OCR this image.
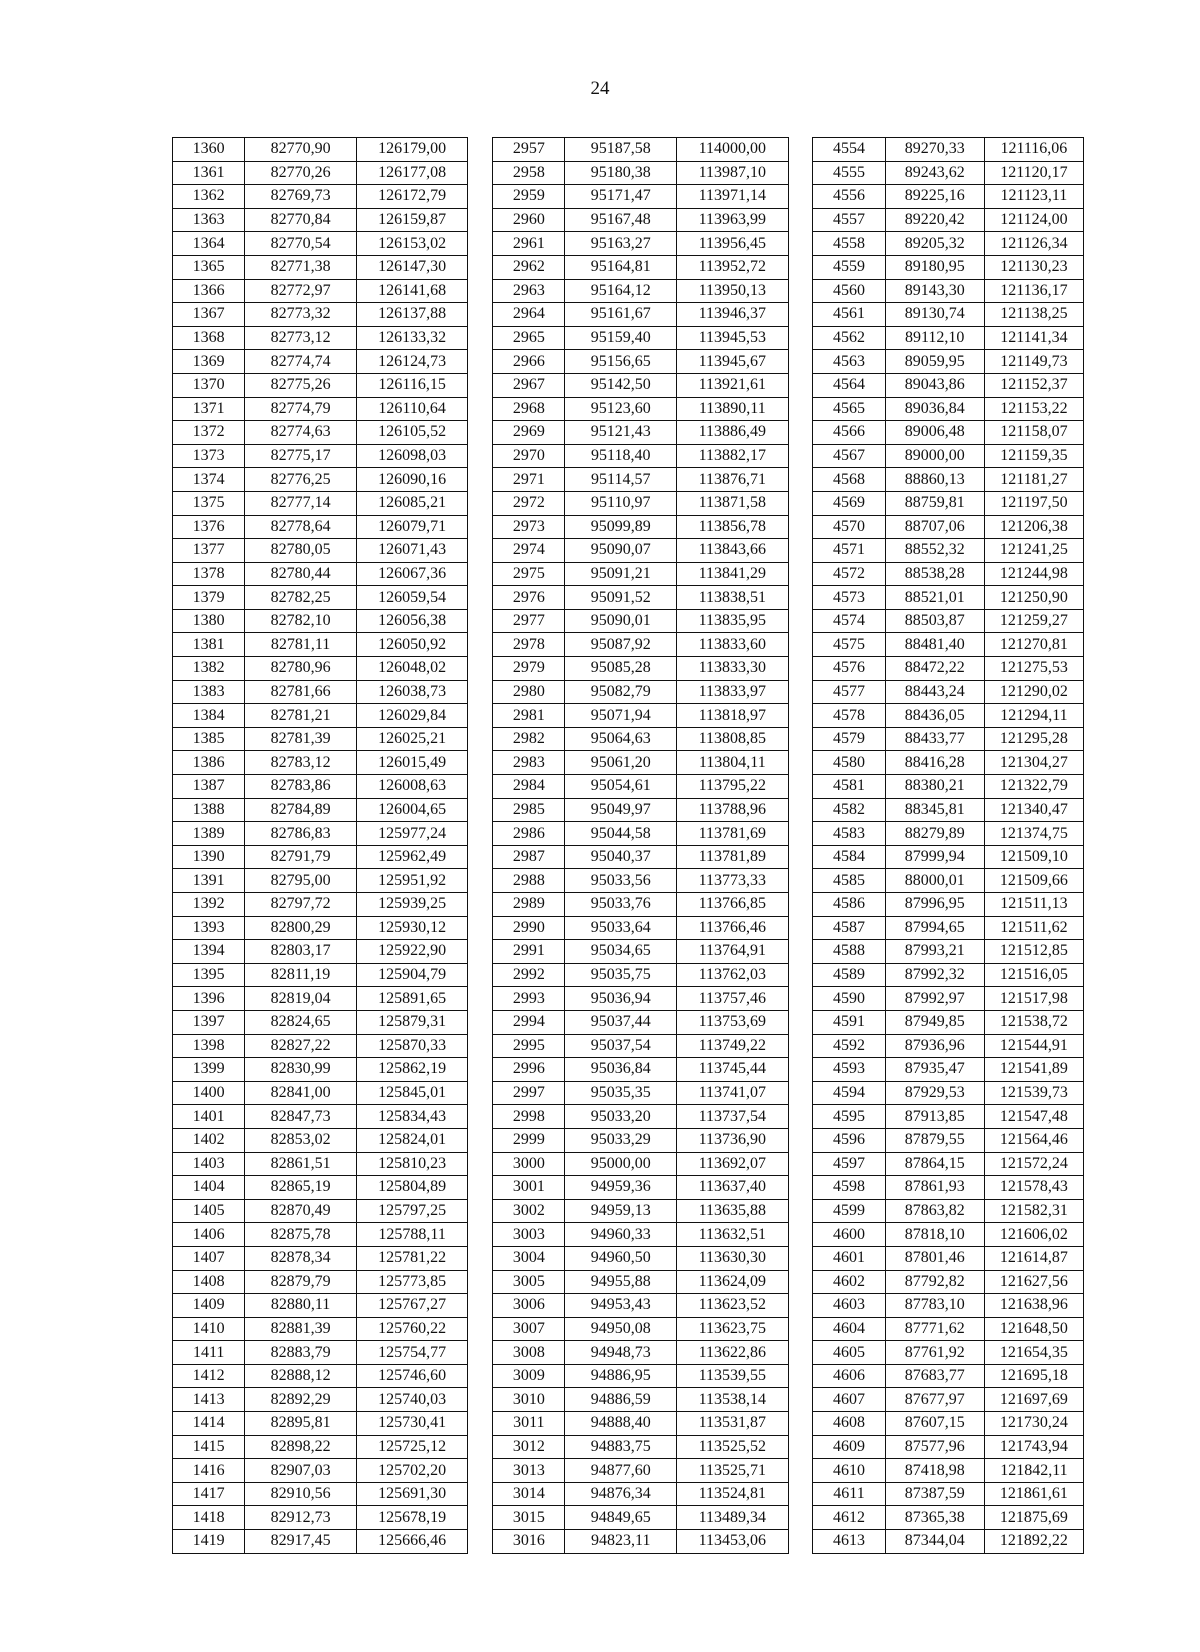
24
1360	82770,90	126179,00		2957	95187,58	114000,00		4554	89270,33	121116,06
1361	82770,26	126177,08		2958	95180,38	113987,10		4555	89243,62	121120,17
1362	82769,73	126172,79		2959	95171,47	113971,14		4556	89225,16	121123,11
1363	82770,84	126159,87		2960	95167,48	113963,99		4557	89220,42	121124,00
1364	82770,54	126153,02		2961	95163,27	113956,45		4558	89205,32	121126,34
1365	82771,38	126147,30		2962	95164,81	113952,72		4559	89180,95	121130,23
1366	82772,97	126141,68		2963	95164,12	113950,13		4560	89143,30	121136,17
1367	82773,32	126137,88		2964	95161,67	113946,37		4561	89130,74	121138,25
1368	82773,12	126133,32		2965	95159,40	113945,53		4562	89112,10	121141,34
1369	82774,74	126124,73		2966	95156,65	113945,67		4563	89059,95	121149,73
1370	82775,26	126116,15		2967	95142,50	113921,61		4564	89043,86	121152,37
1371	82774,79	126110,64		2968	95123,60	113890,11		4565	89036,84	121153,22
1372	82774,63	126105,52		2969	95121,43	113886,49		4566	89006,48	121158,07
1373	82775,17	126098,03		2970	95118,40	113882,17		4567	89000,00	121159,35
1374	82776,25	126090,16		2971	95114,57	113876,71		4568	88860,13	121181,27
1375	82777,14	126085,21		2972	95110,97	113871,58		4569	88759,81	121197,50
1376	82778,64	126079,71		2973	95099,89	113856,78		4570	88707,06	121206,38
1377	82780,05	126071,43		2974	95090,07	113843,66		4571	88552,32	121241,25
1378	82780,44	126067,36		2975	95091,21	113841,29		4572	88538,28	121244,98
1379	82782,25	126059,54		2976	95091,52	113838,51		4573	88521,01	121250,90
1380	82782,10	126056,38		2977	95090,01	113835,95		4574	88503,87	121259,27
1381	82781,11	126050,92		2978	95087,92	113833,60		4575	88481,40	121270,81
1382	82780,96	126048,02		2979	95085,28	113833,30		4576	88472,22	121275,53
1383	82781,66	126038,73		2980	95082,79	113833,97		4577	88443,24	121290,02
1384	82781,21	126029,84		2981	95071,94	113818,97		4578	88436,05	121294,11
1385	82781,39	126025,21		2982	95064,63	113808,85		4579	88433,77	121295,28
1386	82783,12	126015,49		2983	95061,20	113804,11		4580	88416,28	121304,27
1387	82783,86	126008,63		2984	95054,61	113795,22		4581	88380,21	121322,79
1388	82784,89	126004,65		2985	95049,97	113788,96		4582	88345,81	121340,47
1389	82786,83	125977,24		2986	95044,58	113781,69		4583	88279,89	121374,75
1390	82791,79	125962,49		2987	95040,37	113781,89		4584	87999,94	121509,10
1391	82795,00	125951,92		2988	95033,56	113773,33		4585	88000,01	121509,66
1392	82797,72	125939,25		2989	95033,76	113766,85		4586	87996,95	121511,13
1393	82800,29	125930,12		2990	95033,64	113766,46		4587	87994,65	121511,62
1394	82803,17	125922,90		2991	95034,65	113764,91		4588	87993,21	121512,85
1395	82811,19	125904,79		2992	95035,75	113762,03		4589	87992,32	121516,05
1396	82819,04	125891,65		2993	95036,94	113757,46		4590	87992,97	121517,98
1397	82824,65	125879,31		2994	95037,44	113753,69		4591	87949,85	121538,72
1398	82827,22	125870,33		2995	95037,54	113749,22		4592	87936,96	121544,91
1399	82830,99	125862,19		2996	95036,84	113745,44		4593	87935,47	121541,89
1400	82841,00	125845,01		2997	95035,35	113741,07		4594	87929,53	121539,73
1401	82847,73	125834,43		2998	95033,20	113737,54		4595	87913,85	121547,48
1402	82853,02	125824,01		2999	95033,29	113736,90		4596	87879,55	121564,46
1403	82861,51	125810,23		3000	95000,00	113692,07		4597	87864,15	121572,24
1404	82865,19	125804,89		3001	94959,36	113637,40		4598	87861,93	121578,43
1405	82870,49	125797,25		3002	94959,13	113635,88		4599	87863,82	121582,31
1406	82875,78	125788,11		3003	94960,33	113632,51		4600	87818,10	121606,02
1407	82878,34	125781,22		3004	94960,50	113630,30		4601	87801,46	121614,87
1408	82879,79	125773,85		3005	94955,88	113624,09		4602	87792,82	121627,56
1409	82880,11	125767,27		3006	94953,43	113623,52		4603	87783,10	121638,96
1410	82881,39	125760,22		3007	94950,08	113623,75		4604	87771,62	121648,50
1411	82883,79	125754,77		3008	94948,73	113622,86		4605	87761,92	121654,35
1412	82888,12	125746,60		3009	94886,95	113539,55		4606	87683,77	121695,18
1413	82892,29	125740,03		3010	94886,59	113538,14		4607	87677,97	121697,69
1414	82895,81	125730,41		3011	94888,40	113531,87		4608	87607,15	121730,24
1415	82898,22	125725,12		3012	94883,75	113525,52		4609	87577,96	121743,94
1416	82907,03	125702,20		3013	94877,60	113525,71		4610	87418,98	121842,11
1417	82910,56	125691,30		3014	94876,34	113524,81		4611	87387,59	121861,61
1418	82912,73	125678,19		3015	94849,65	113489,34		4612	87365,38	121875,69
1419	82917,45	125666,46		3016	94823,11	113453,06		4613	87344,04	121892,22
